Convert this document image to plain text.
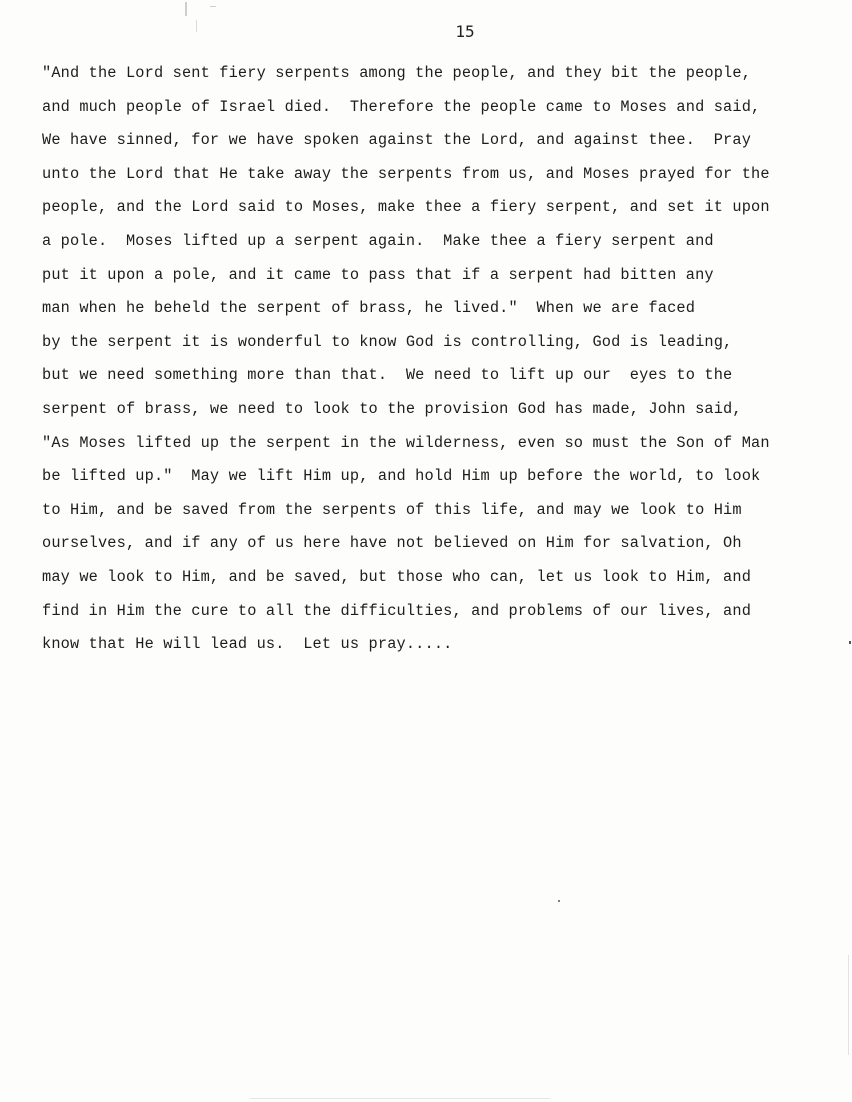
15
"And the Lord sent fiery serpents among the people, and they bit the people,
and much people of Israel died.  Therefore the people came to Moses and said,
We have sinned, for we have spoken against the Lord, and against thee.  Pray
unto the Lord that He take away the serpents from us, and Moses prayed for the
people, and the Lord said to Moses, make thee a fiery serpent, and set it upon
a pole.  Moses lifted up a serpent again.  Make thee a fiery serpent and
put it upon a pole, and it came to pass that if a serpent had bitten any
man when he beheld the serpent of brass, he lived."  When we are faced
by the serpent it is wonderful to know God is controlling, God is leading,
but we need something more than that.  We need to lift up our  eyes to the
serpent of brass, we need to look to the provision God has made, John said,
"As Moses lifted up the serpent in the wilderness, even so must the Son of Man
be lifted up."  May we lift Him up, and hold Him up before the world, to look
to Him, and be saved from the serpents of this life, and may we look to Him
ourselves, and if any of us here have not believed on Him for salvation, Oh
may we look to Him, and be saved, but those who can, let us look to Him, and
find in Him the cure to all the difficulties, and problems of our lives, and
know that He will lead us.  Let us pray.....
